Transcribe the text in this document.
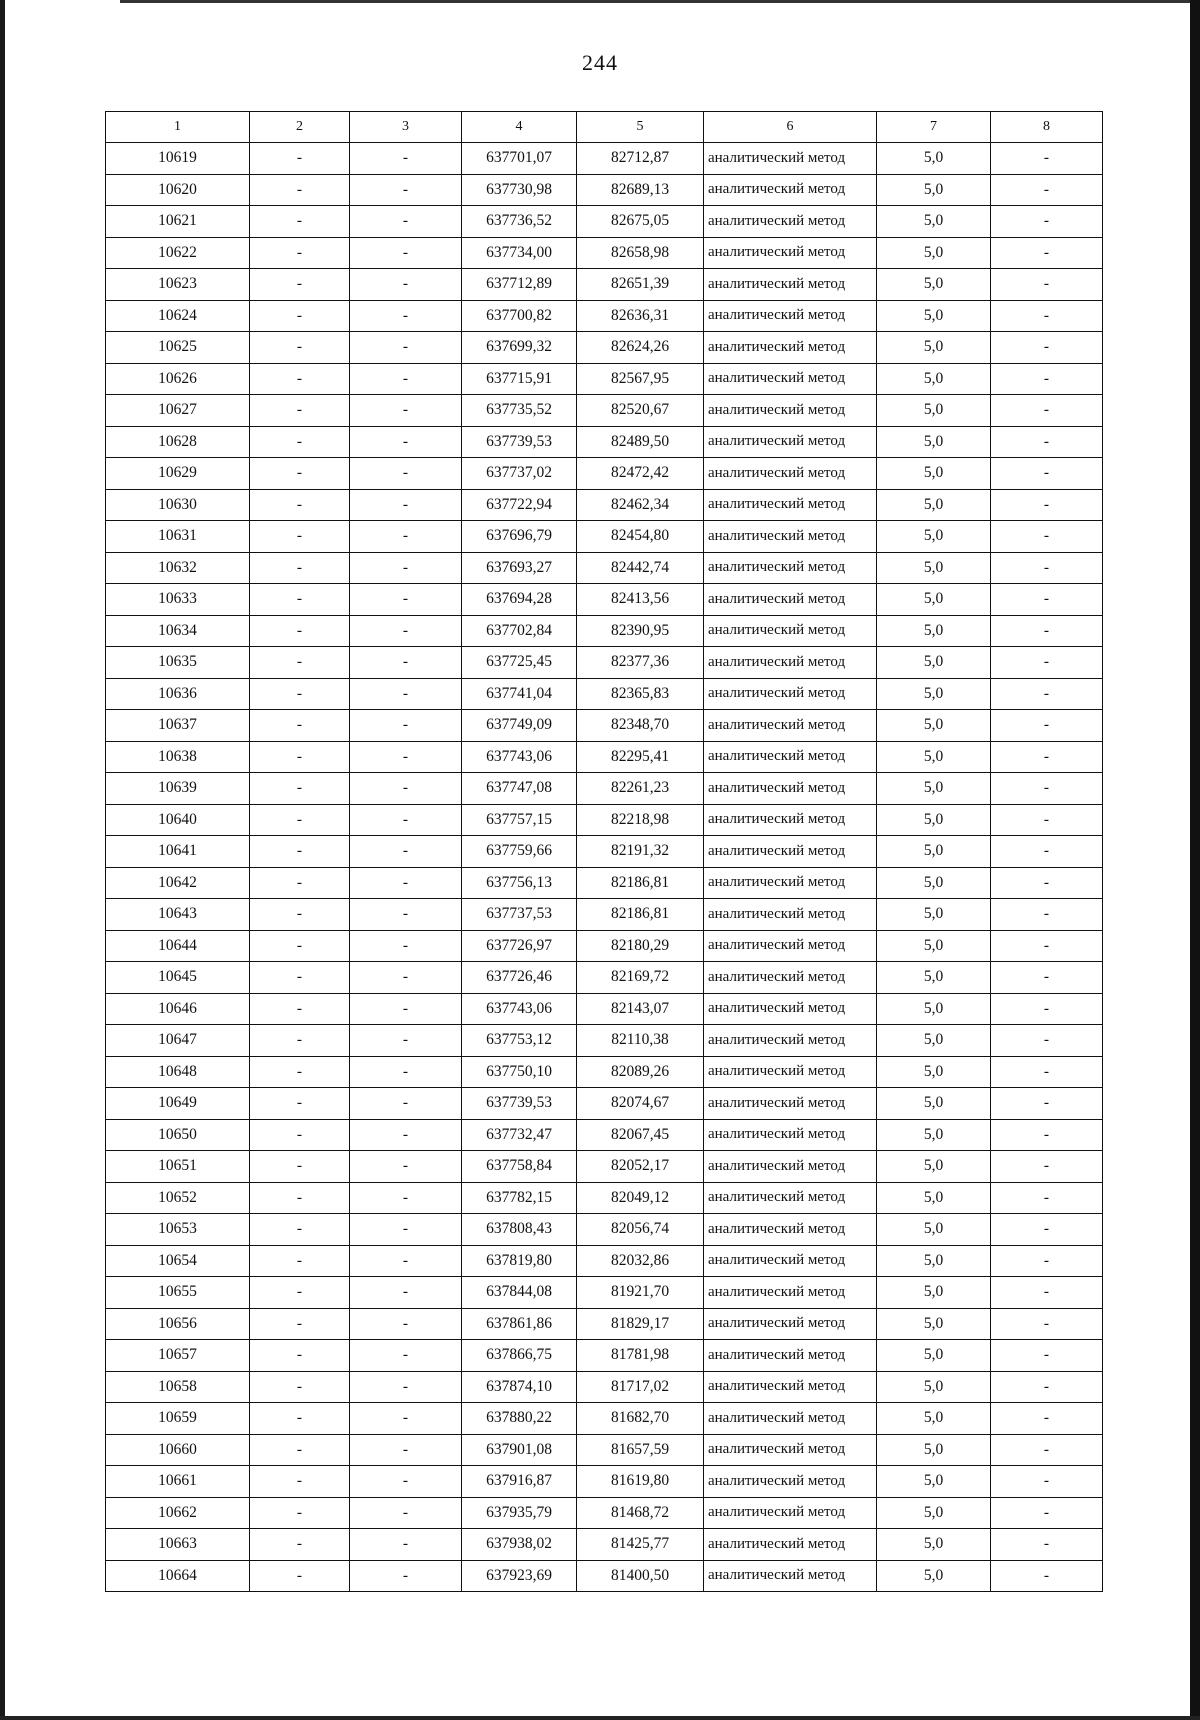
244
1	2	3	4	5	6	7	8
10619	-	-	637701,07	82712,87	аналитический метод	5,0	-
10620	-	-	637730,98	82689,13	аналитический метод	5,0	-
10621	-	-	637736,52	82675,05	аналитический метод	5,0	-
10622	-	-	637734,00	82658,98	аналитический метод	5,0	-
10623	-	-	637712,89	82651,39	аналитический метод	5,0	-
10624	-	-	637700,82	82636,31	аналитический метод	5,0	-
10625	-	-	637699,32	82624,26	аналитический метод	5,0	-
10626	-	-	637715,91	82567,95	аналитический метод	5,0	-
10627	-	-	637735,52	82520,67	аналитический метод	5,0	-
10628	-	-	637739,53	82489,50	аналитический метод	5,0	-
10629	-	-	637737,02	82472,42	аналитический метод	5,0	-
10630	-	-	637722,94	82462,34	аналитический метод	5,0	-
10631	-	-	637696,79	82454,80	аналитический метод	5,0	-
10632	-	-	637693,27	82442,74	аналитический метод	5,0	-
10633	-	-	637694,28	82413,56	аналитический метод	5,0	-
10634	-	-	637702,84	82390,95	аналитический метод	5,0	-
10635	-	-	637725,45	82377,36	аналитический метод	5,0	-
10636	-	-	637741,04	82365,83	аналитический метод	5,0	-
10637	-	-	637749,09	82348,70	аналитический метод	5,0	-
10638	-	-	637743,06	82295,41	аналитический метод	5,0	-
10639	-	-	637747,08	82261,23	аналитический метод	5,0	-
10640	-	-	637757,15	82218,98	аналитический метод	5,0	-
10641	-	-	637759,66	82191,32	аналитический метод	5,0	-
10642	-	-	637756,13	82186,81	аналитический метод	5,0	-
10643	-	-	637737,53	82186,81	аналитический метод	5,0	-
10644	-	-	637726,97	82180,29	аналитический метод	5,0	-
10645	-	-	637726,46	82169,72	аналитический метод	5,0	-
10646	-	-	637743,06	82143,07	аналитический метод	5,0	-
10647	-	-	637753,12	82110,38	аналитический метод	5,0	-
10648	-	-	637750,10	82089,26	аналитический метод	5,0	-
10649	-	-	637739,53	82074,67	аналитический метод	5,0	-
10650	-	-	637732,47	82067,45	аналитический метод	5,0	-
10651	-	-	637758,84	82052,17	аналитический метод	5,0	-
10652	-	-	637782,15	82049,12	аналитический метод	5,0	-
10653	-	-	637808,43	82056,74	аналитический метод	5,0	-
10654	-	-	637819,80	82032,86	аналитический метод	5,0	-
10655	-	-	637844,08	81921,70	аналитический метод	5,0	-
10656	-	-	637861,86	81829,17	аналитический метод	5,0	-
10657	-	-	637866,75	81781,98	аналитический метод	5,0	-
10658	-	-	637874,10	81717,02	аналитический метод	5,0	-
10659	-	-	637880,22	81682,70	аналитический метод	5,0	-
10660	-	-	637901,08	81657,59	аналитический метод	5,0	-
10661	-	-	637916,87	81619,80	аналитический метод	5,0	-
10662	-	-	637935,79	81468,72	аналитический метод	5,0	-
10663	-	-	637938,02	81425,77	аналитический метод	5,0	-
10664	-	-	637923,69	81400,50	аналитический метод	5,0	-
